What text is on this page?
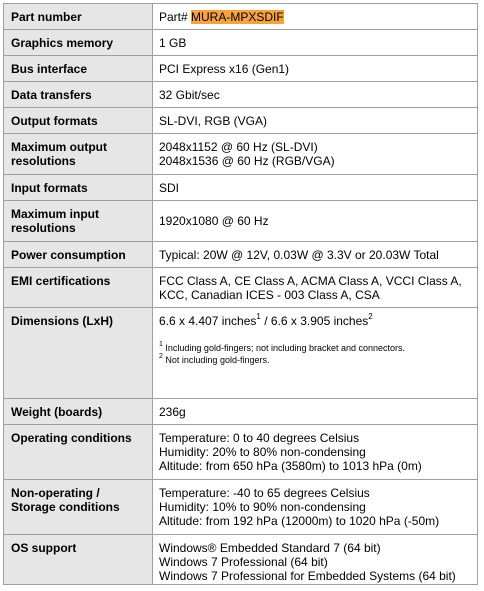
Part number	Part# MURA-MPXSDIF
Graphics memory	1 GB
Bus interface	PCI Express x16 (Gen1)
Data transfers	32 Gbit/sec
Output formats	SL-DVI, RGB (VGA)
Maximum output resolutions	2048x1152 @ 60 Hz (SL-DVI)
2048x1536 @ 60 Hz (RGB/VGA)

Input formats	SDI
Maximum input resolutions	1920x1080 @ 60 Hz
Power consumption	Typical: 20W @ 12V, 0.03W @ 3.3V or 20.03W Total
EMI certifications	FCC Class A, CE Class A, ACMA Class A, VCCI Class A,
KCC, Canadian ICES - 003 Class A, CSA

Dimensions (LxH)	6.6 x 4.407 inches$^1$ / 6.6 x 3.905 inches$^2$
$^1$ Including gold-fingers; not including bracket and connectors.
$^2$ Not including gold-fingers.

Weight (boards)	236g
Operating conditions	Temperature: 0 to 40 degrees Celsius
Humidity: 20% to 80% non-condensing
Altitude: from 650 hPa (3580m) to 1013 hPa (0m)

Non-operating / Storage conditions	Temperature: -40 to 65 degrees Celsius
Humidity: 10% to 90% non-condensing
Altitude: from 192 hPa (12000m) to 1020 hPa (-50m)

OS support	Windows® Embedded Standard 7 (64 bit)
Windows 7 Professional (64 bit)
Windows 7 Professional for Embedded Systems (64 bit)
